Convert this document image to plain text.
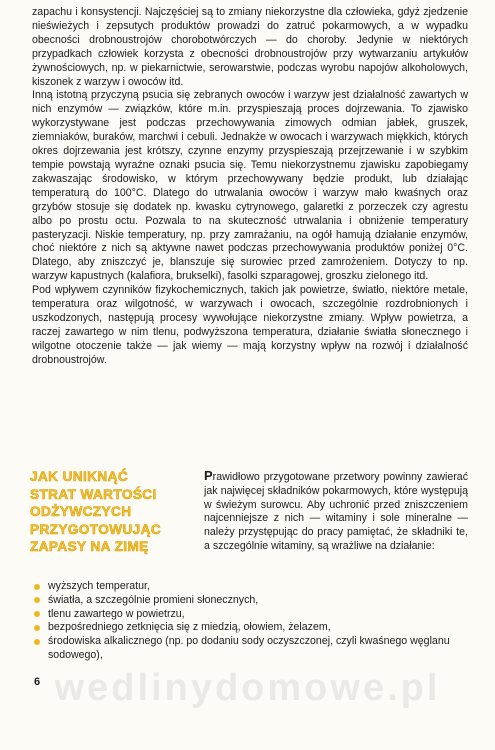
zapachu i konsystencji. Najczęściej są to zmiany niekorzystne dla człowieka, gdyż zjedzenie nieświeżych i zepsutych produktów prowadzi do zatruć pokarmowych, a w wypadku obecności drobnoustrojów chorobotwórczych — do choroby. Jedynie w niektórych przypadkach człowiek korzysta z obecności drobnoustrojów przy wytwarzaniu artykułów żywnościowych, np. w piekarnictwie, serowarstwie, podczas wyrobu napojów alkoholowych, kiszonek z warzyw i owoców itd.

Inną istotną przyczyną psucia się zebranych owoców i warzyw jest działalność zawartych w nich enzymów — związków, które m.in. przyspieszają proces dojrzewania. To zjawisko wykorzystywane jest podczas przechowywania zimowych odmian jabłek, gruszek, ziemniaków, buraków, marchwi i cebuli. Jednakże w owocach i warzywach miękkich, których okres dojrzewania jest krótszy, czynne enzymy przyspieszają przejrzewanie i w szybkim tempie powstają wyraźne oznaki psucia się. Temu niekorzystnemu zjawisku zapobiegamy zakwaszając środowisko, w którym przechowywany będzie produkt, lub działając temperaturą do 100°C. Dlatego do utrwalania owoców i warzyw mało kwaśnych oraz grzybów stosuje się dodatek np. kwasku cytrynowego, galaretki z porzeczek czy agrestu albo po prostu octu. Pozwala to na skuteczność utrwalania i obniżenie temperatury pasteryzacji. Niskie temperatury, np. przy zamrażaniu, na ogół hamują działanie enzymów, choć niektóre z nich są aktywne nawet podczas przechowywania produktów poniżej 0°C. Dlatego, aby zniszczyć je, blanszuje się surowiec przed zamrożeniem. Dotyczy to np. warzyw kapustnych (kalafiora, brukselki), fasolki szparagowej, groszku zielonego itd.

Pod wpływem czynników fizykochemicznych, takich jak powietrze, światło, niektóre metale, temperatura oraz wilgotność, w warzywach i owocach, szczególnie rozdrobnionych i uszkodzonych, następują procesy wywołujące niekorzystne zmiany. Wpływ powietrza, a raczej zawartego w nim tlenu, podwyższona temperatura, działanie światła słonecznego i wilgotne otoczenie także — jak wiemy — mają korzystny wpływ na rozwój i działalność drobnoustrojów.

JAK UNIKNĄĆ
STRAT WARTOŚCI
ODŻYWCZYCH
PRZYGOTOWUJĄC
ZAPASY NA ZIMĘ
Prawidłowo przygotowane przetwory powinny zawierać jak najwięcej składników pokarmowych, które występują w świeżym surowcu. Aby uchronić przed zniszczeniem najcenniejsze z nich — witaminy i sole mineralne — należy przystępując do pracy pamiętać, że składniki te, a szczególnie witaminy, są wrażliwe na działanie:
wyższych temperatur,
światła, a szczególnie promieni słonecznych,
tlenu zawartego w powietrzu,
bezpośredniego zetknięcia się z miedzią, ołowiem, żelazem,
środowiska alkalicznego (np. po dodaniu sody oczyszczonej, czyli kwaśnego węglanu sodowego),
wedlinydomowe.pl
6
